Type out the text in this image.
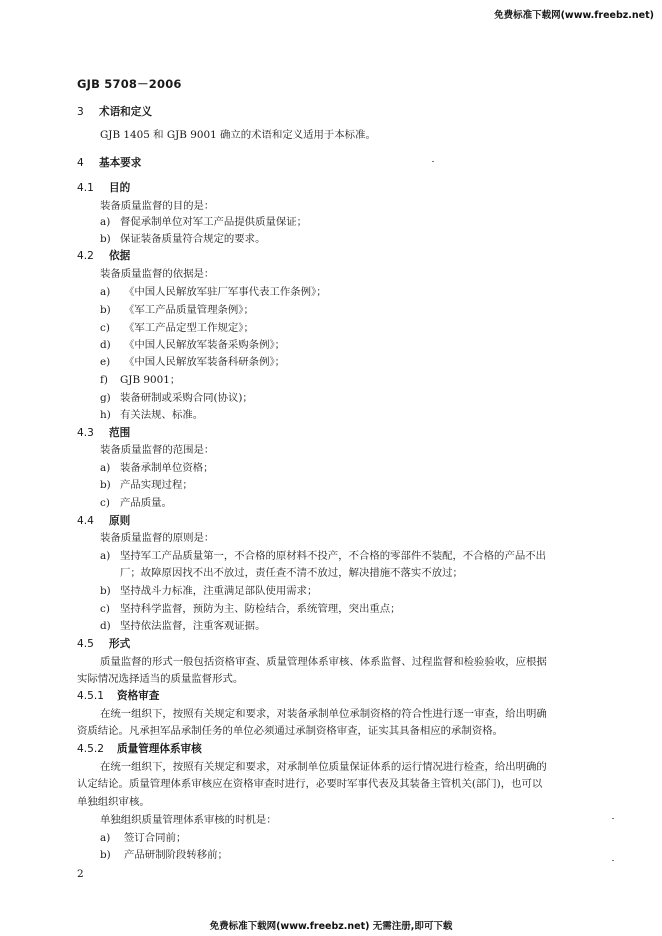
免费标准下载网(www.freebz.net)
GJB 5708－2006
3 术语和定义
GJB 1405 和 GJB 9001 确立的术语和定义适用于本标准。
4 基本要求
4.1 目的
装备质量监督的目的是：
a) 督促承制单位对军工产品提供质量保证；
b) 保证装备质量符合规定的要求。
4.2 依据
装备质量监督的依据是：
a) 《中国人民解放军驻厂军事代表工作条例》；
b) 《军工产品质量管理条例》；
c) 《军工产品定型工作规定》；
d) 《中国人民解放军装备采购条例》；
e) 《中国人民解放军装备科研条例》；
f) GJB 9001；
g) 装备研制或采购合同(协议)；
h) 有关法规、标准。
4.3 范围
装备质量监督的范围是：
a) 装备承制单位资格；
b) 产品实现过程；
c) 产品质量。
4.4 原则
装备质量监督的原则是：
a) 坚持军工产品质量第一，不合格的原材料不投产，不合格的零部件不装配，不合格的产品不出
厂；故障原因找不出不放过，责任查不清不放过，解决措施不落实不放过；
b) 坚持战斗力标准，注重满足部队使用需求；
c) 坚持科学监督，预防为主、防检结合，系统管理，突出重点；
d) 坚持依法监督，注重客观证据。
4.5 形式
质量监督的形式一般包括资格审查、质量管理体系审核、体系监督、过程监督和检验验收，应根据
实际情况选择适当的质量监督形式。
4.5.1 资格审查
在统一组织下，按照有关规定和要求，对装备承制单位承制资格的符合性进行逐一审查，给出明确
资质结论。凡承担军品承制任务的单位必须通过承制资格审查，证实其具备相应的承制资格。
4.5.2 质量管理体系审核
在统一组织下，按照有关规定和要求，对承制单位质量保证体系的运行情况进行检查，给出明确的
认定结论。质量管理体系审核应在资格审查时进行，必要时军事代表及其装备主管机关(部门)，也可以
单独组织审核。
单独组织质量管理体系审核的时机是：
a) 签订合同前；
b) 产品研制阶段转移前；
2
免费标准下载网(www.freebz.net) 无需注册,即可下载
